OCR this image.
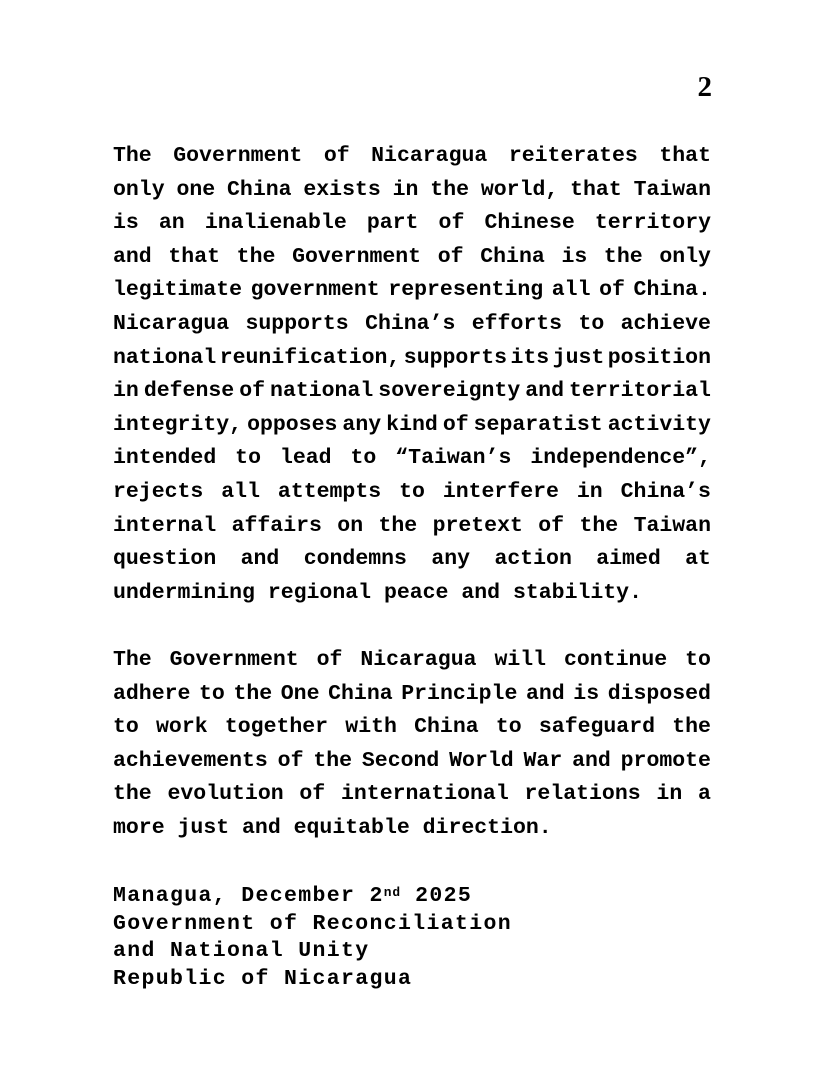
2
The Government of Nicaragua reiterates that
only one China exists in the world, that Taiwan
is an inalienable part of Chinese territory
and that the Government of China is the only
legitimate government representing all of China.
Nicaragua supports China’s efforts to achieve
national reunification, supports its just position
in defense of national sovereignty and territorial
integrity, opposes any kind of separatist activity
intended to lead to “Taiwan’s independence”,
rejects all attempts to interfere in China’s
internal affairs on the pretext of the Taiwan
question and condemns any action aimed at
undermining regional peace and stability.
The Government of Nicaragua will continue to
adhere to the One China Principle and is disposed
to work together with China to safeguard the
achievements of the Second World War and promote
the evolution of international relations in a
more just and equitable direction.
Managua, December 2nd 2025
Government of Reconciliation
and National Unity
Republic of Nicaragua
